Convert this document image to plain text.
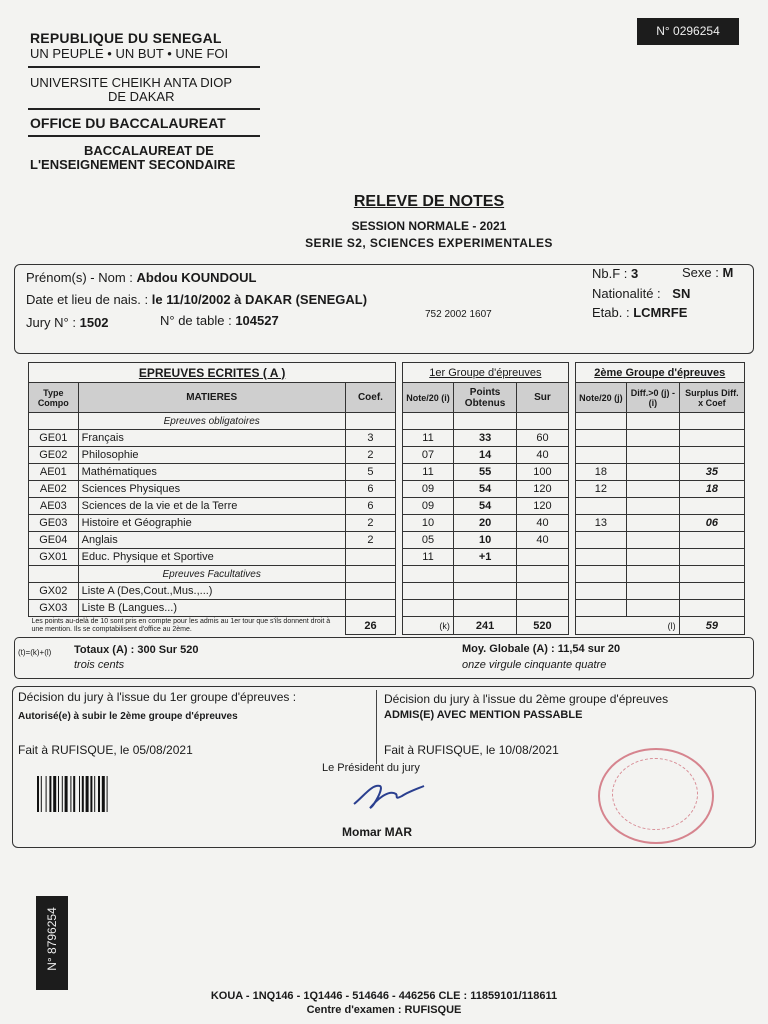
REPUBLIQUE DU SENEGAL
UN PEUPLE • UN BUT • UNE FOI
UNIVERSITE CHEIKH ANTA DIOP
DE DAKAR
OFFICE DU BACCALAUREAT
BACCALAUREAT DE
L'ENSEIGNEMENT SECONDAIRE
N° 0296254
RELEVE DE NOTES
SESSION NORMALE - 2021
SERIE S2, SCIENCES EXPERIMENTALES
Prénom(s) - Nom : Abdou KOUNDOUL
Date et lieu de nais. : le 11/10/2002 à DAKAR (SENEGAL)
Jury N° : 1502	N° de table : 104527	752 2002 1607
Nb.F : 3	Sexe : M
Nationalité : SN
Etab. : LCMRFE
EPREUVES ECRITES ( A )				1er Groupe d'épreuves				2ème Groupe d'épreuves		
Type Compo	MATIERES	Coef.		Note/20 (i)	Points Obtenus	Sur		Note/20 (j)	Diff.>0 (j) - (i)	Surplus Diff. x Coef
	Epreuves obligatoires									
GE01	Français	3		11	33	60				
GE02	Philosophie	2		07	14	40				
AE01	Mathématiques	5		11	55	100		18		35
AE02	Sciences Physiques	6		09	54	120		12		18
AE03	Sciences de la vie et de la Terre	6		09	54	120				
GE03	Histoire et Géographie	2		10	20	40		13		06
GE04	Anglais	2		05	10	40				
GX01	Educ. Physique et Sportive			11	+1					
	Epreuves Facultatives									
GX02	Liste A (Des,Cout.,Mus.,...)									
GX03	Liste B (Langues...)									
Les points au-delà de 10 sont pris en compte pour les admis au 1er tour que s'ils donnent droit à une mention. Ils se comptabilisent d'office au 2ème.		26		(k)	241	520		(l)		59
(t)=(k)+(l) Totaux (A) : 300 Sur 520
trois cents
Moy. Globale (A) : 11,54 sur 20
onze virgule cinquante quatre
Décision du jury à l'issue du 1er groupe d'épreuves :
Autorisé(e) à subir le 2ème groupe d'épreuves
Fait à RUFISQUE, le 05/08/2021
Décision du jury à l'issue du 2ème groupe d'épreuves
ADMIS(E) AVEC MENTION PASSABLE
Fait à RUFISQUE, le 10/08/2021
Le Président du jury
Momar MAR
N° 8796254
KOUA - 1NQ146 - 1Q1446 - 514646 - 446256 CLE : 11859101/118611
Centre d'examen : RUFISQUE
